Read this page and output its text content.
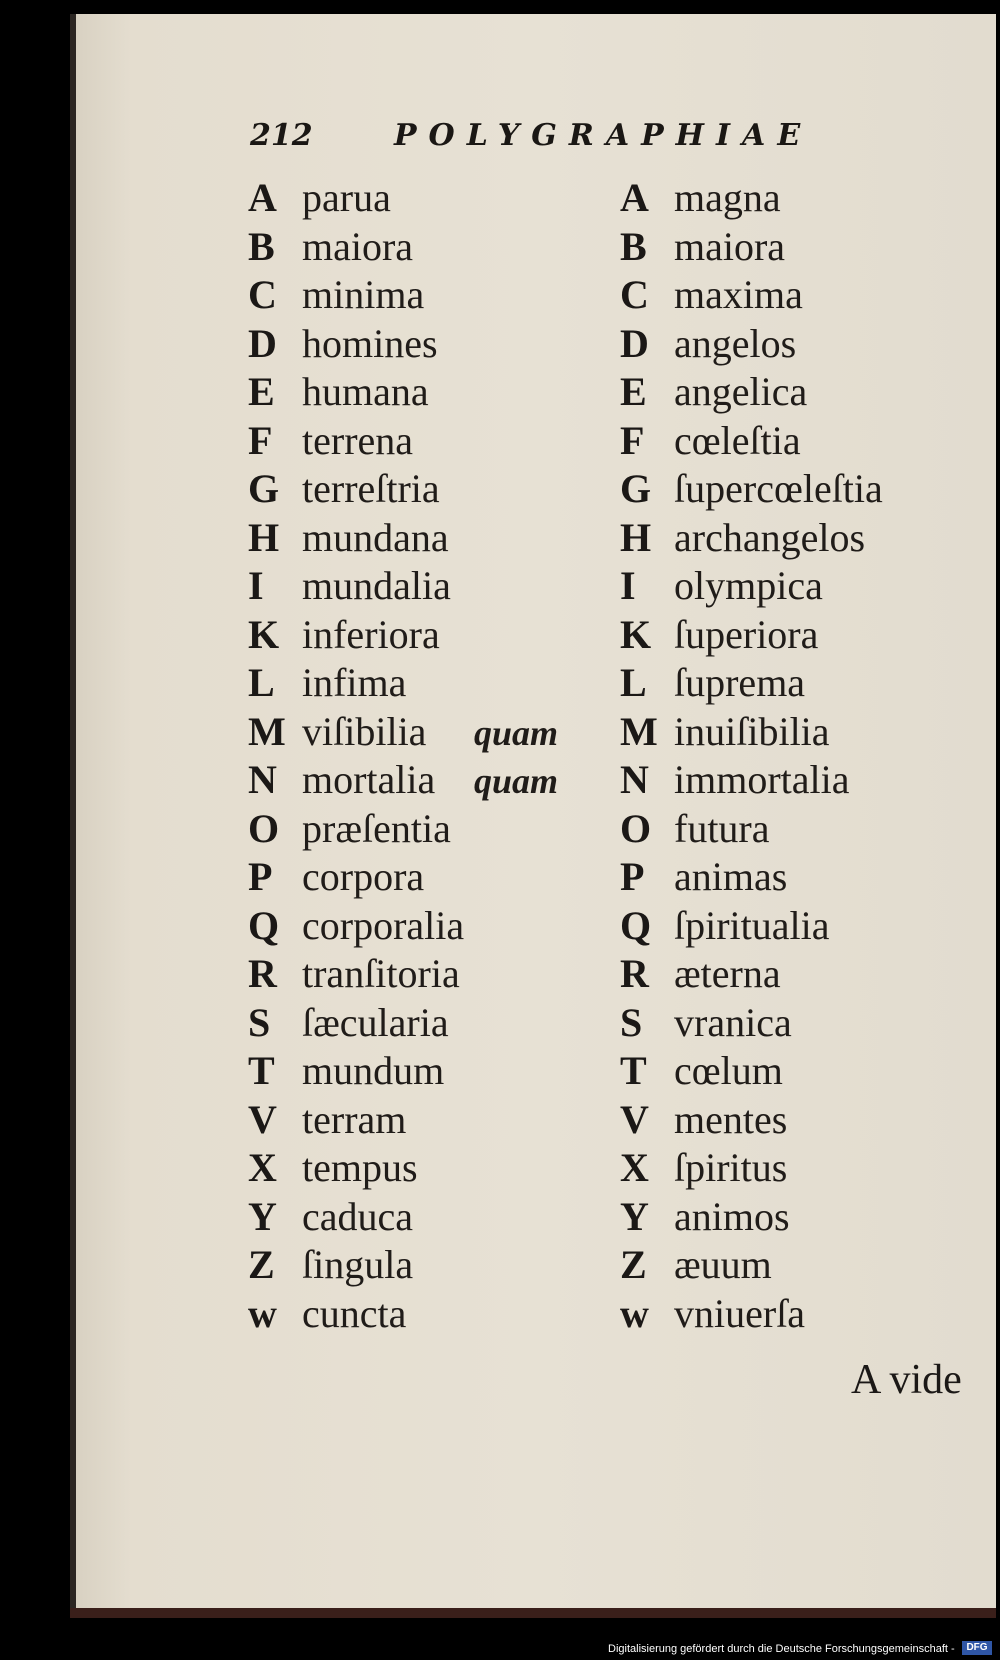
212	POLYGRAPHIAE
A parua
B maiora
C minima
D homines
E humana
F terrena
G terreſtria
H mundana
I mundalia
K inferiora
L infima
M viſibilia quam
N mortalia quam
O præſentia
P corpora
Q corporalia
R tranſitoria
S ſæcularia
T mundum
V terram
X tempus
Y caduca
Z ſingula
w cuncta
A magna
B maiora
C maxima
D angelos
E angelica
F cœleſtia
G ſupercœleſtia
H archangelos
I olympica
K ſuperiora
L ſuprema
M inuiſibilia
N immortalia
O futura
P animas
Q ſpiritualia
R æterna
S vranica
T cœlum
V mentes
X ſpiritus
Y animos
Z æuum
w vniuerſa
A vide
Digitalisierung gefördert durch die Deutsche Forschungsgemeinschaft -	DFG
